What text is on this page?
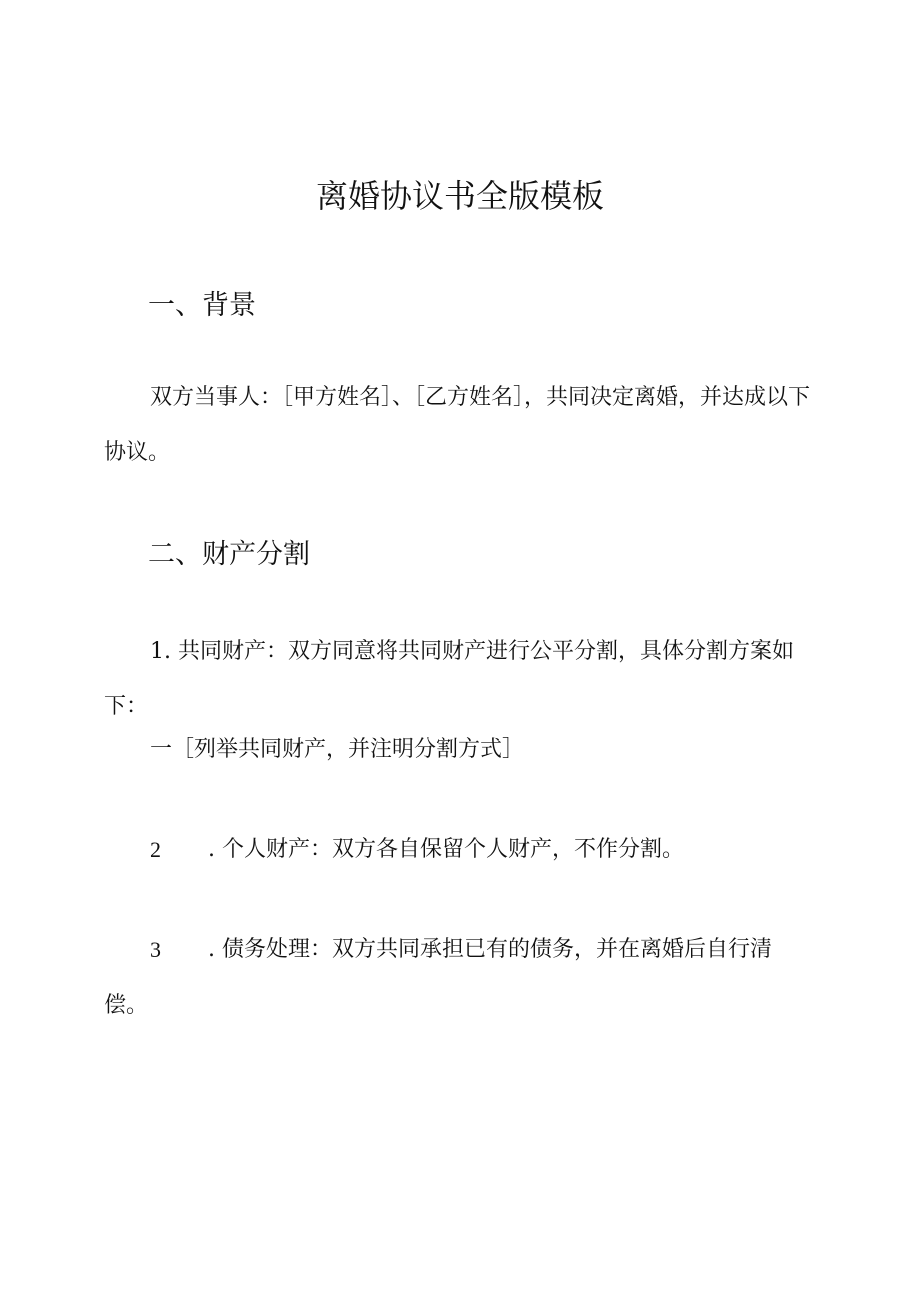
离婚协议书全版模板
一、背景
双方当事人：［甲方姓名］、［乙方姓名］，共同决定离婚，并达成以下协议。
二、财产分割
1. 共同财产：双方同意将共同财产进行公平分割，具体分割方案如下：
一［列举共同财产，并注明分割方式］
2 . 个人财产：双方各自保留个人财产，不作分割。
3 . 债务处理：双方共同承担已有的债务，并在离婚后自行清
偿。
